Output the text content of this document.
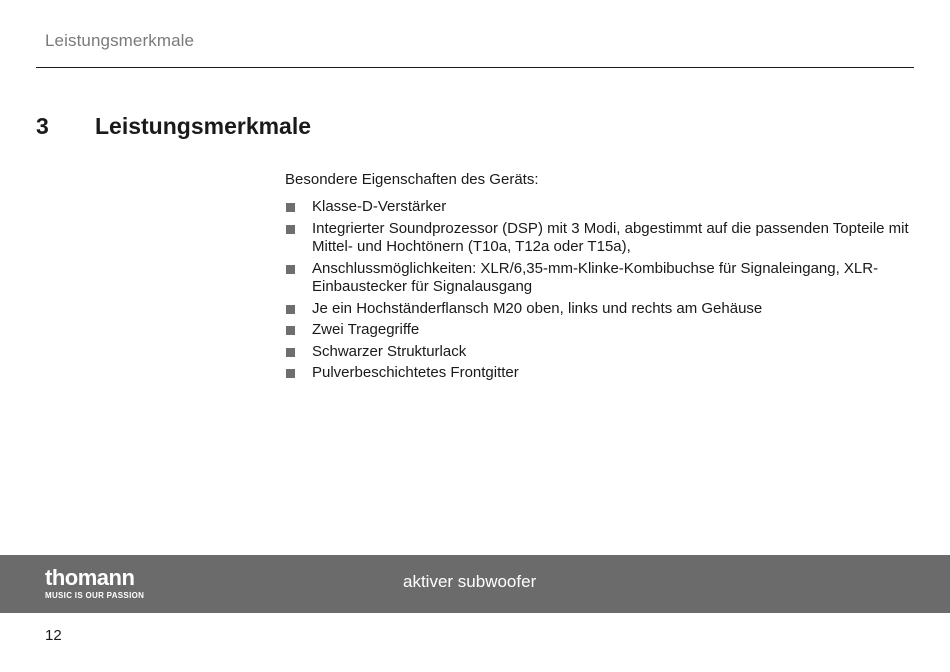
Leistungsmerkmale
3 Leistungsmerkmale
Besondere Eigenschaften des Geräts:
Klasse-D-Verstärker
Integrierter Soundprozessor (DSP) mit 3 Modi, abgestimmt auf die passenden Topteile mit Mittel- und Hochtönern (T10a, T12a oder T15a),
Anschlussmöglichkeiten: XLR/6,35-mm-Klinke-Kombibuchse für Signaleingang, XLR-Einbaustecker für Signalausgang
Je ein Hochständerflansch M20 oben, links und rechts am Gehäuse
Zwei Tragegriffe
Schwarzer Strukturlack
Pulverbeschichtetes Frontgitter
thomann
MUSIC IS OUR PASSION
aktiver subwoofer
12
